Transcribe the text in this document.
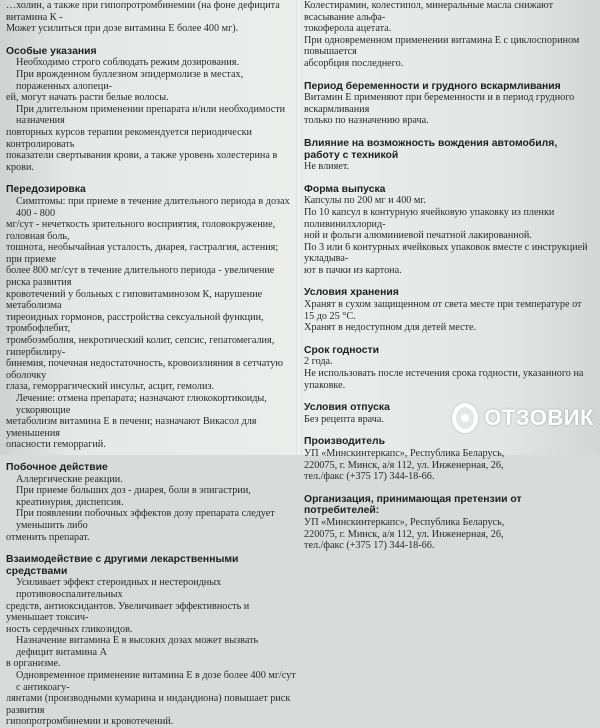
…холин, а также при гипопротромбинемии (на фоне дефицита витамина К -

Может усилиться при дозе витамина Е более 400 мг).

Особые указания

Необходимо строго соблюдать режим дозирования.

При врожденном буллезном эпидермолизе в местах, пораженных алопеци-

ей, могут начать расти белые волосы.

При длительном применении препарата и/или необходимости назначения

повторных курсов терапии рекомендуется периодически контролировать

показатели свертывания крови, а также уровень холестерина в крови.

Передозировка

Симптомы: при приеме в течение длительного периода в дозах 400 - 800

мг/сут - нечеткость зрительного восприятия, головокружение, головная боль,

тошнота, необычайная усталость, диарея, гастралгия, астения; при приеме

более 800 мг/сут в течение длительного периода - увеличение риска развития

кровотечений у больных с гиповитаминозом К, нарушение метаболизма

тиреоидных гормонов, расстройства сексуальной функции, тромбофлебит,

тромбоэмболия, некротический колит, сепсис, гепатомегалия, гипербилиру-

бинемия, почечная недостаточность, кровоизлияния в сетчатую оболочку

глаза, геморрагический инсульт, асцит, гемолиз.

Лечение: отмена препарата; назначают глюкокортикоиды, ускоряющие

метаболизм витамина Е в печени; назначают Викасол для уменьшения

опасности геморрагий.

Побочное действие

Аллергические реакции.

При приеме больших доз - диарея, боли в эпигастрии, креатинурия, диспепсия.

При появлении побочных эффектов дозу препарата следует уменьшить либо

отменить препарат.

Взаимодействие с другими лекарственными средствами

Усиливает эффект стероидных и нестероидных противовоспалительных

средств, антиоксидантов. Увеличивает эффективность и уменьшает токсич-

ность сердечных гликозидов.

Назначение витамина Е в высоких дозах может вызвать дефицит витамина А

в организме.

Одновременное применение витамина Е в дозе более 400 мг/сут с антикоагу-

лянтами (производными кумарина и индандиона) повышает риск развития

гипопротромбинемии и кровотечений.

Колестирамин, колестипол, минеральные масла снижают всасывание альфа-

токоферола ацетата.

При одновременном применении витамина Е с циклоспорином повышается

абсорбция последнего.

Период беременности и грудного вскармливания

Витамин Е применяют при беременности и в период грудного вскармливания

только по назначению врача.

Влияние на возможность вождения автомобиля, работу с техникой

Не влияет.

Форма выпуска

Капсулы по 200 мг и 400 мг.

По 10 капсул в контурную ячейковую упаковку из пленки поливинилхлорид-

ной и фольги алюминиевой печатной лакированной.

По 3 или 6 контурных ячейковых упаковок вместе с инструкцией укладыва-

ют в пачки из картона.

Условия хранения

Хранят в сухом защищенном от света месте при температуре от 15 до 25 °С.

Хранят в недоступном для детей месте.

Срок годности

2 года.

Не использовать после истечения срока годности, указанного на упаковке.

Условия отпуска

Без рецепта врача.

Производитель

УП «Минскинтеркапс», Республика Беларусь,

220075, г. Минск, а/я 112, ул. Инженерная, 26,

тел./факс (+375 17) 344-18-66.

Организация, принимающая претензии от потребителей:

УП «Минскинтеркапс», Республика Беларусь,

220075, г. Минск, а/я 112, ул. Инженерная, 26,

тел./факс (+375 17) 344-18-66.

ОТЗОВИК
